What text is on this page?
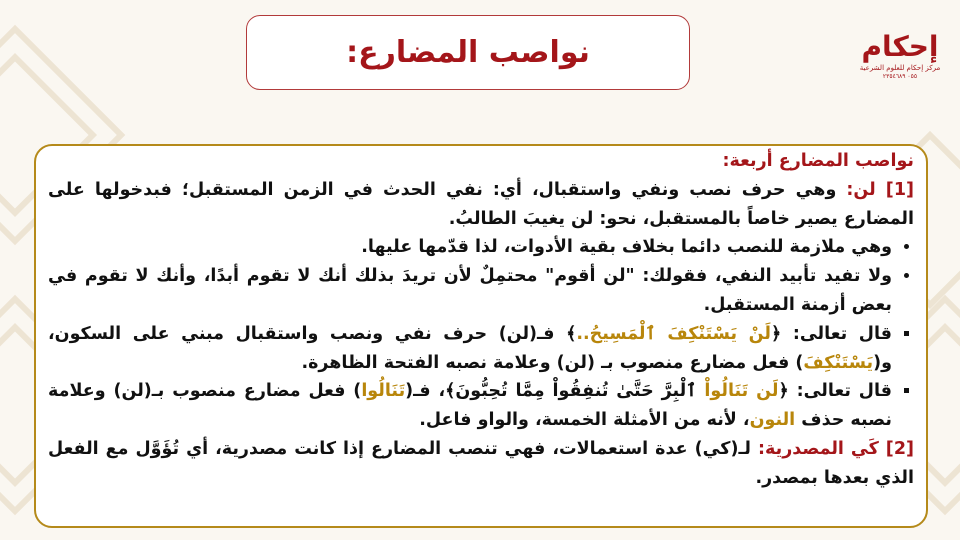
نواصب المضارع:	إحكام
مركز إحكام للعلوم الشرعية
٠٥٥ ٢٣٥٤٦٨٩

نواصب المضارع أربعة:

[1] لن: وهي حرف نصب ونفي واستقبال، أي: نفي الحدث في الزمن المستقبل؛ فبدخولها على المضارع يصير خاصاً بالمستقبل، نحو: لن يغيبَ الطالبُ.

• وهي ملازمة للنصب دائما بخلاف بقية الأدوات، لذا قدّمها عليها.
• ولا تفيد تأبيد النفي، فقولك: "لن أقوم" محتمِلٌ لأن تريدَ بذلك أنك لا تقوم أبدًا، وأنك لا تقوم في بعض أزمنة المستقبل.
▪ قال تعالى: ﴿لَنْ يَسْتَنْكِفَ ٱلْمَسِيحُ..﴾ فـ(لن) حرف نفي ونصب واستقبال مبني على السكون، و(يَسْتَنْكِفَ) فعل مضارع منصوب بـ (لن) وعلامة نصبه الفتحة الظاهرة.
▪ قال تعالى: ﴿لَن تَنَالُواْ ٱلْبِرَّ حَتَّىٰ تُنفِقُواْ مِمَّا تُحِبُّونَ﴾، فـ(تَنَالُوا) فعل مضارع منصوب بـ(لن) وعلامة نصبه حذف النون، لأنه من الأمثلة الخمسة، والواو فاعل.

[2] كَي المصدرية: لـ(كي) عدة استعمالات، فهي تنصب المضارع إذا كانت مصدرية، أي تُؤَوَّل مع الفعل الذي بعدها بمصدر.
